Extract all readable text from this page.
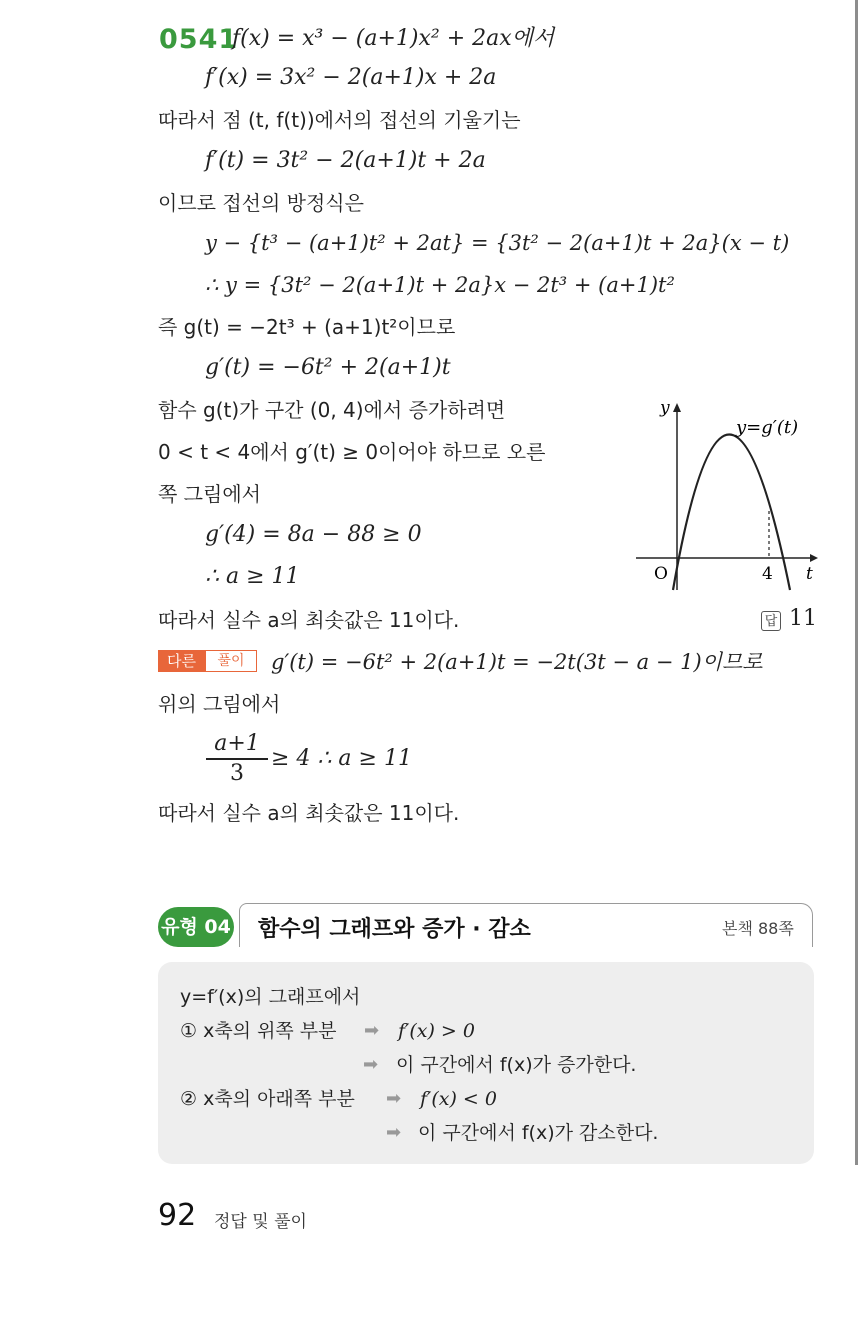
0541
f(x) = x³ − (a+1)x² + 2ax에서
f′(x) = 3x² − 2(a+1)x + 2a
따라서 점 (t, f(t))에서의 접선의 기울기는
f′(t) = 3t² − 2(a+1)t + 2a
이므로 접선의 방정식은
y − {t³ − (a+1)t² + 2at} = {3t² − 2(a+1)t + 2a}(x − t)
∴ y = {3t² − 2(a+1)t + 2a}x − 2t³ + (a+1)t²
즉 g(t) = −2t³ + (a+1)t²이므로
g′(t) = −6t² + 2(a+1)t
함수 g(t)가 구간 (0, 4)에서 증가하려면
0 < t < 4에서 g′(t) ≥ 0이어야 하므로 오른
쪽 그림에서
g′(4) = 8a − 88 ≥ 0
∴ a ≥ 11
따라서 실수 a의 최솟값은 11이다.	답 11
y
t
O	4
y=g′(t)
다른	풀이	g′(t) = −6t² + 2(a+1)t = −2t(3t − a − 1)이므로
위의 그림에서
a+1
3
≥ 4 ∴ a ≥ 11
따라서 실수 a의 최솟값은 11이다.
유형 04 함수의 그래프와 증가 · 감소	본책 88쪽
y=f′(x)의 그래프에서
① x축의 위쪽 부분 ➡ f′(x) > 0
➡ 이 구간에서 f(x)가 증가한다.
② x축의 아래쪽 부분 ➡ f′(x) < 0
➡ 이 구간에서 f(x)가 감소한다.
92 정답 및 풀이
